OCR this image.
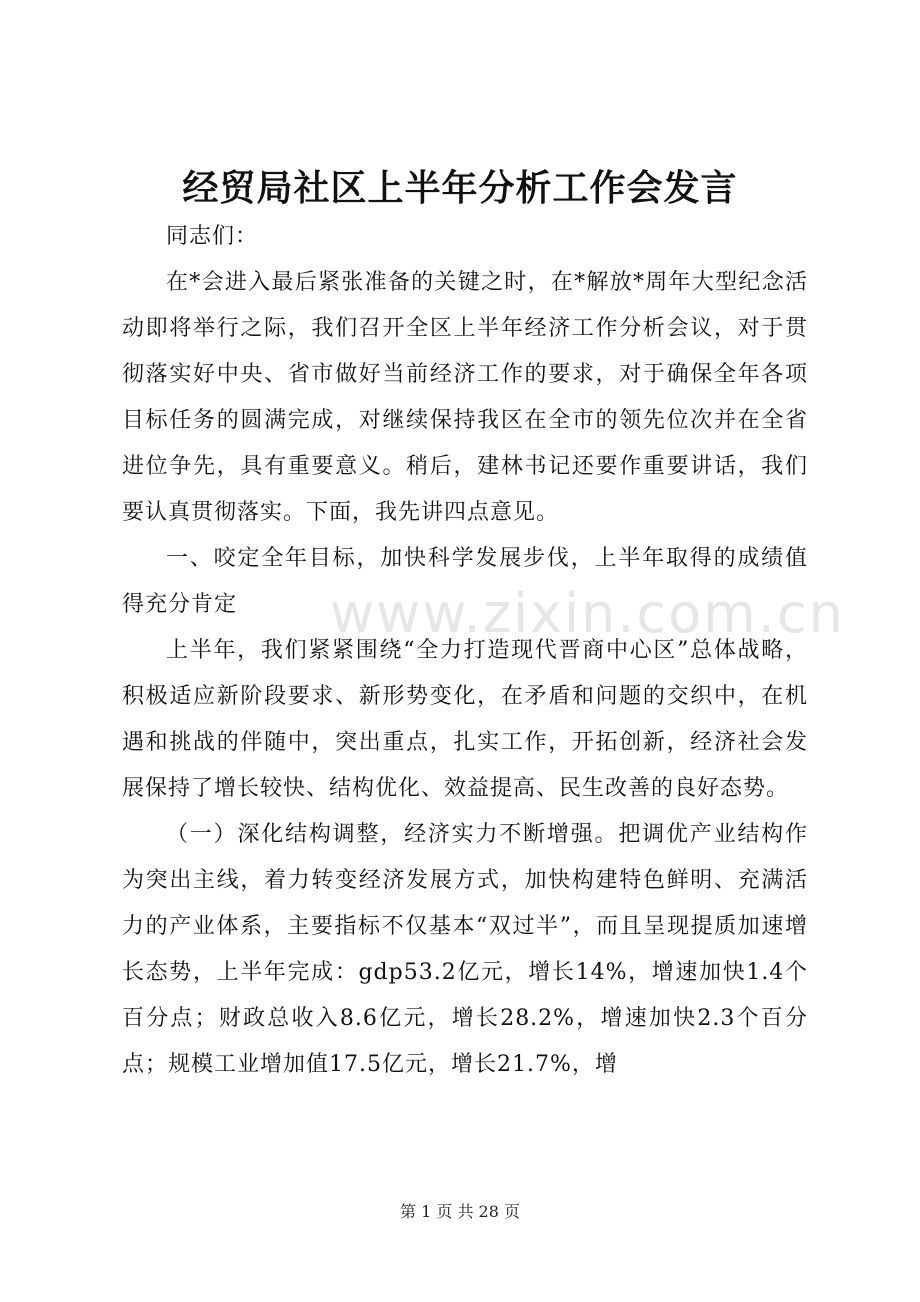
经贸局社区上半年分析工作会发言

同志们：

在*会进入最后紧张准备的关键之时，在*解放*周年大型纪念活动即将举行之际，我们召开全区上半年经济工作分析会议，对于贯彻落实好中央、省市做好当前经济工作的要求，对于确保全年各项目标任务的圆满完成，对继续保持我区在全市的领先位次并在全省进位争先，具有重要意义。稍后，建林书记还要作重要讲话，我们要认真贯彻落实。下面，我先讲四点意见。

一、咬定全年目标，加快科学发展步伐，上半年取得的成绩值得充分肯定

上半年，我们紧紧围绕“全力打造现代晋商中心区”总体战略，积极适应新阶段要求、新形势变化，在矛盾和问题的交织中，在机遇和挑战的伴随中，突出重点，扎实工作，开拓创新，经济社会发展保持了增长较快、结构优化、效益提高、民生改善的良好态势。

（一）深化结构调整，经济实力不断增强。把调优产业结构作为突出主线，着力转变经济发展方式，加快构建特色鲜明、充满活力的产业体系，主要指标不仅基本“双过半”，而且呈现提质加速增长态势，上半年完成：gdp53.2亿元，增长14%，增速加快1.4个百分点；财政总收入8.6亿元，增长28.2%，增速加快2.3个百分点；规模工业增加值17.5亿元，增长21.7%，增

www.zixin.com.cn
第 1 页 共 28 页
